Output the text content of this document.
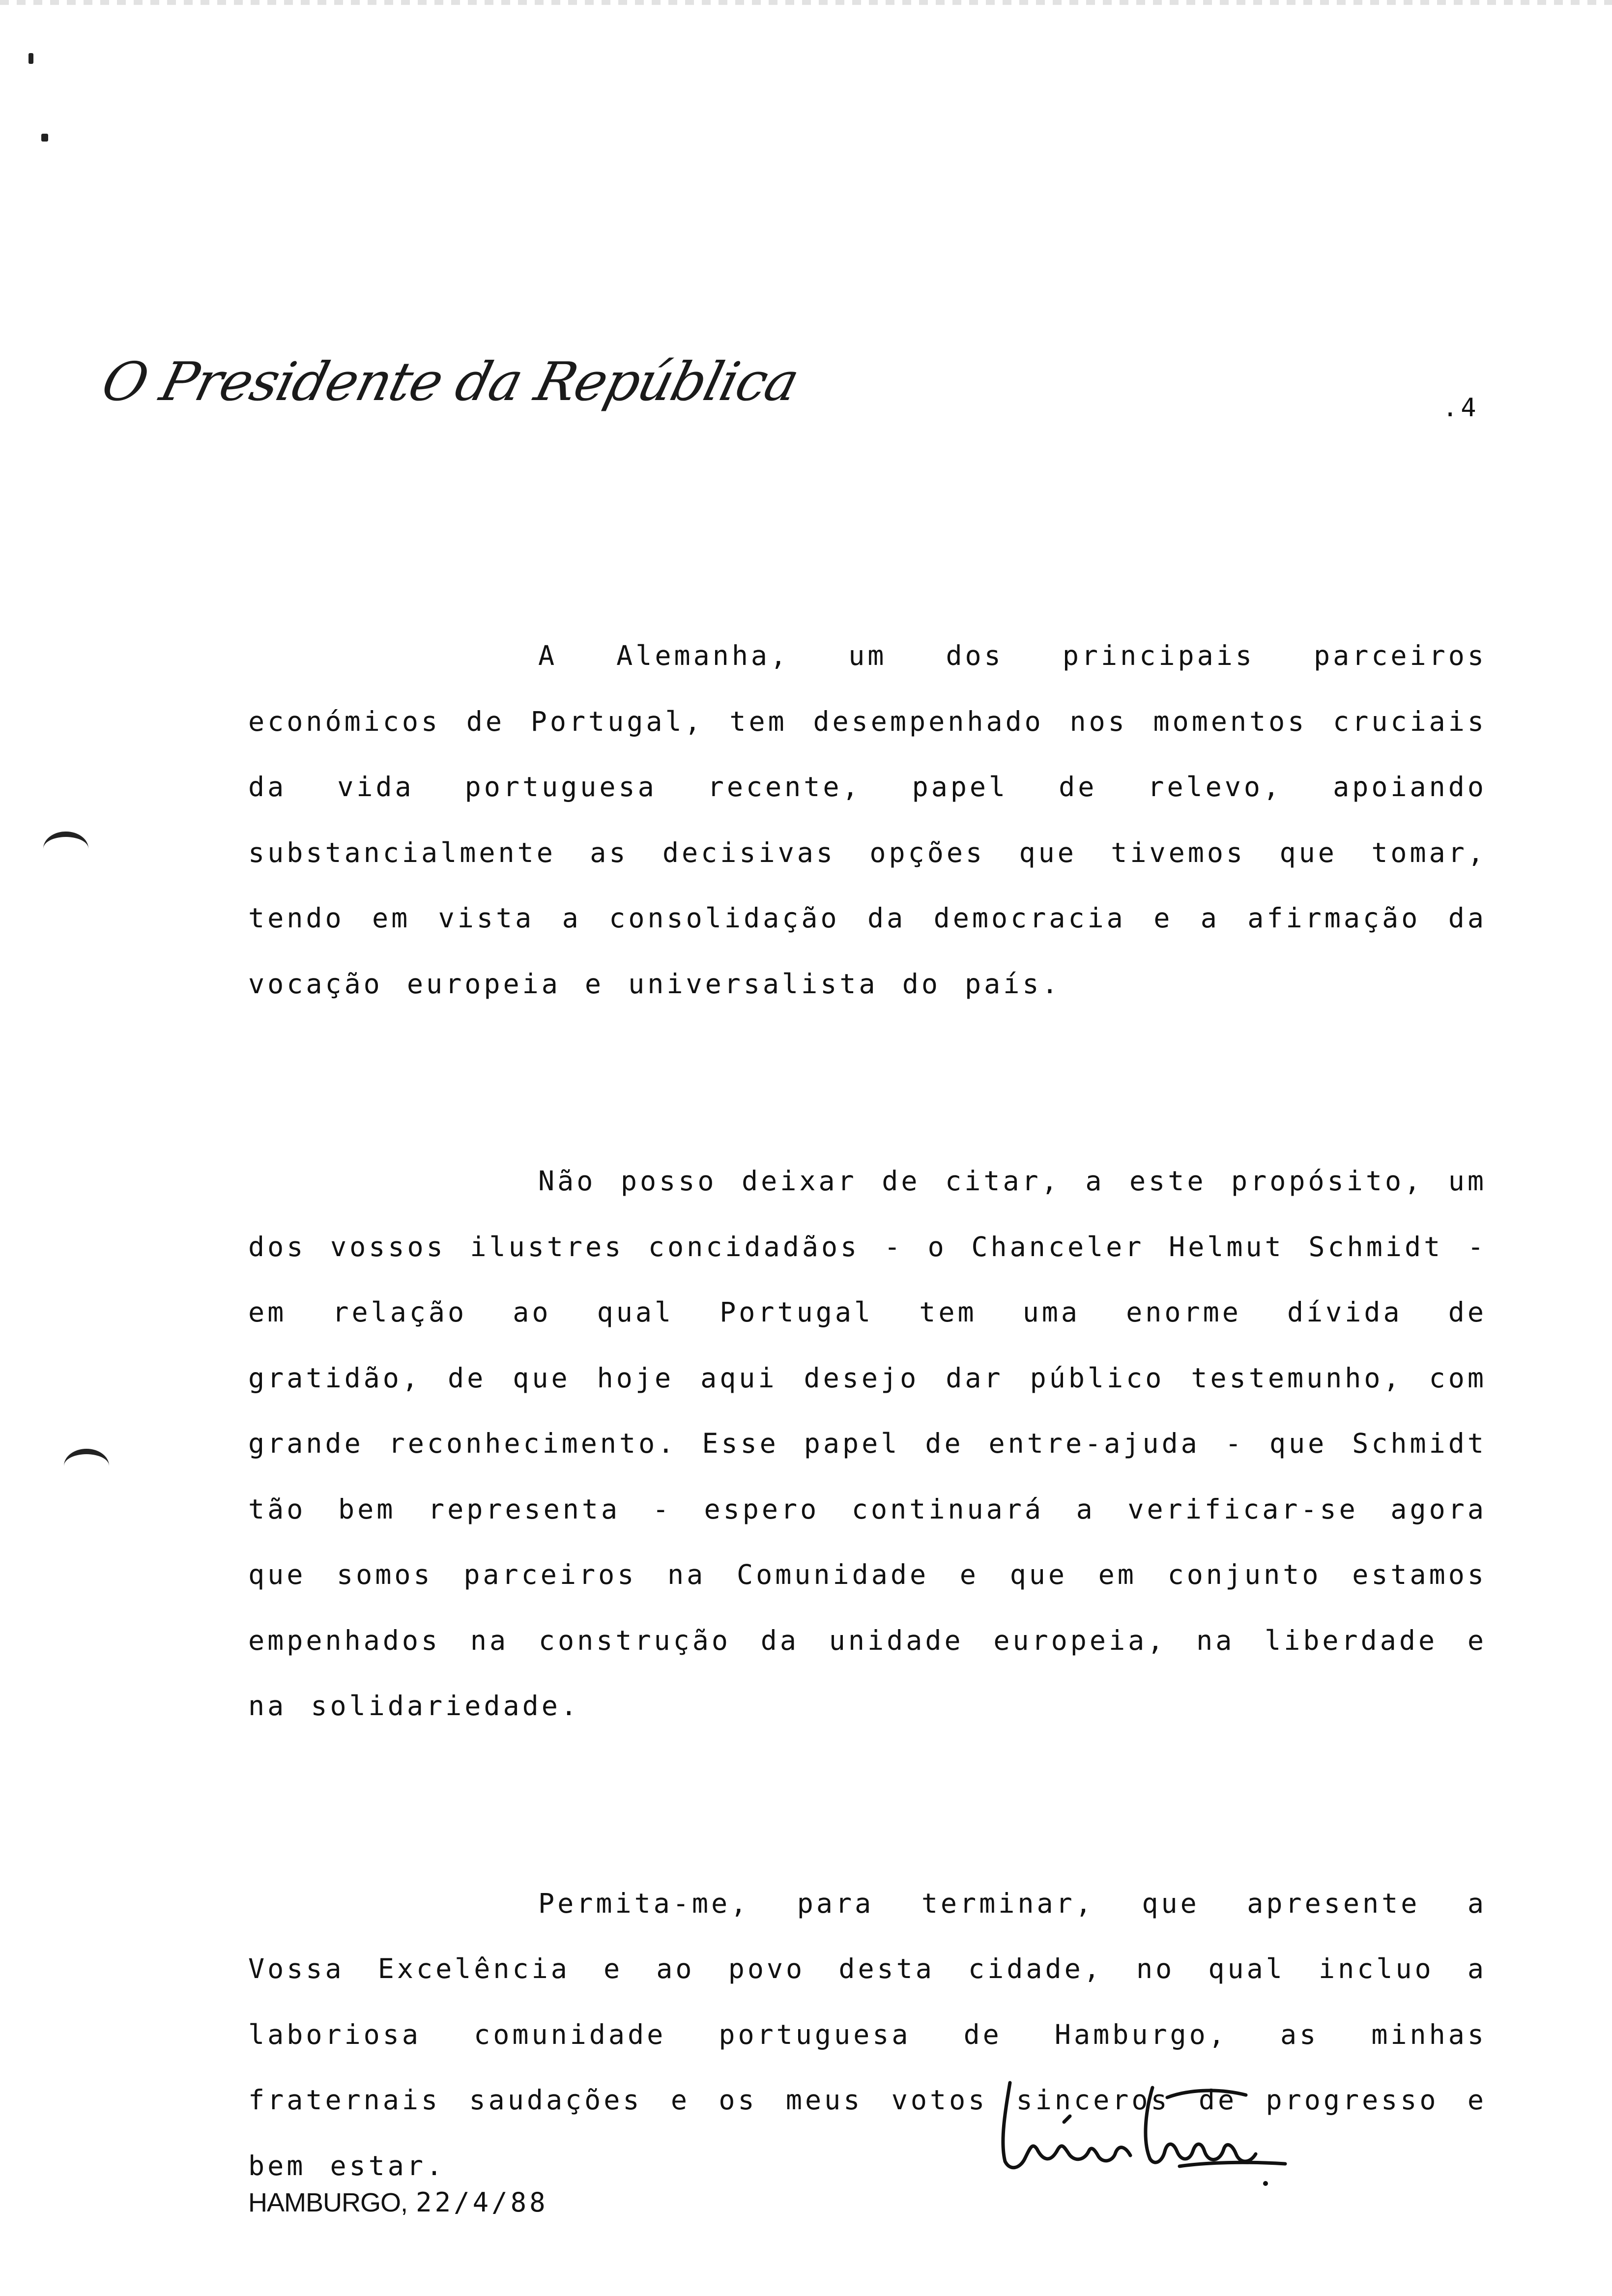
O Presidente da República	.4

A Alemanha, um dos principais parceiros económicos de Portugal, tem desempenhado nos momentos cruciais da vida portuguesa recente, papel de relevo, apoiando substancialmente as decisivas opções que tivemos que tomar, tendo em vista a consolidação da democracia e a afirmação da vocação europeia e universalista do país.

Não posso deixar de citar, a este propósito, um dos vossos ilustres concidadãos - o Chanceler Helmut Schmidt - em relação ao qual Portugal tem uma enorme dívida de gratidão, de que hoje aqui desejo dar público testemunho, com grande reconhecimento. Esse papel de entre-ajuda - que Schmidt tão bem representa - espero continuará a verificar-se agora que somos parceiros na Comunidade e que em conjunto estamos empenhados na construção da unidade europeia, na liberdade e na solidariedade.

Permita-me, para terminar, que apresente a Vossa Excelência e ao povo desta cidade, no qual incluo a laboriosa comunidade portuguesa de Hamburgo, as minhas fraternais saudações e os meus votos sinceros de progresso e bem estar.

HAMBURGO, 22/4/88
